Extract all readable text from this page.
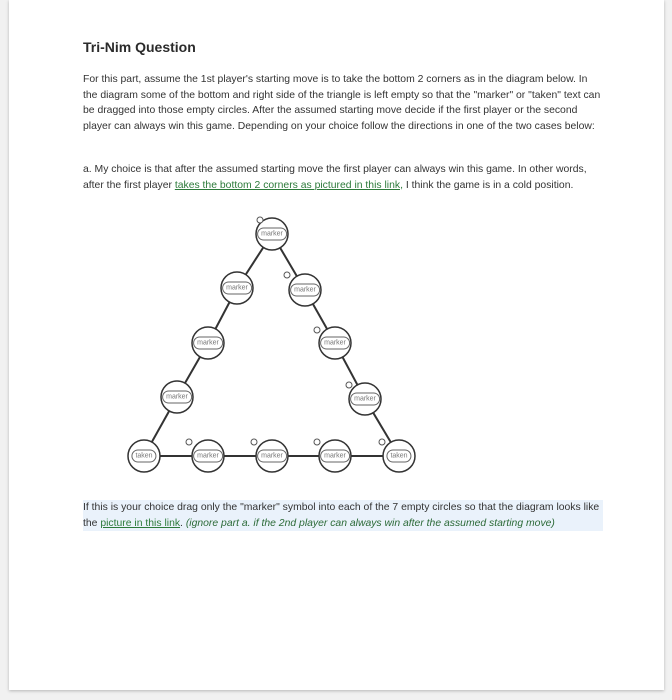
Tri-Nim Question

For this part, assume the 1st player's starting move is to take the bottom 2 corners as in the diagram below. In the diagram some of the bottom and right side of the triangle is left empty so that the "marker" or "taken" text can be dragged into those empty circles. After the assumed starting move decide if the first player or the second player can always win this game. Depending on your choice follow the directions in one of the two cases below:

a. My choice is that after the assumed starting move the first player can always win this game. In other words, after the first player takes the bottom 2 corners as pictured in this link, I think the game is in a cold position.

marker
marker	marker
marker	marker
marker	marker
taken	marker	marker	marker	taken

If this is your choice drag only the "marker" symbol into each of the 7 empty circles so that the diagram looks like the picture in this link. (ignore part a. if the 2nd player can always win after the assumed starting move)
